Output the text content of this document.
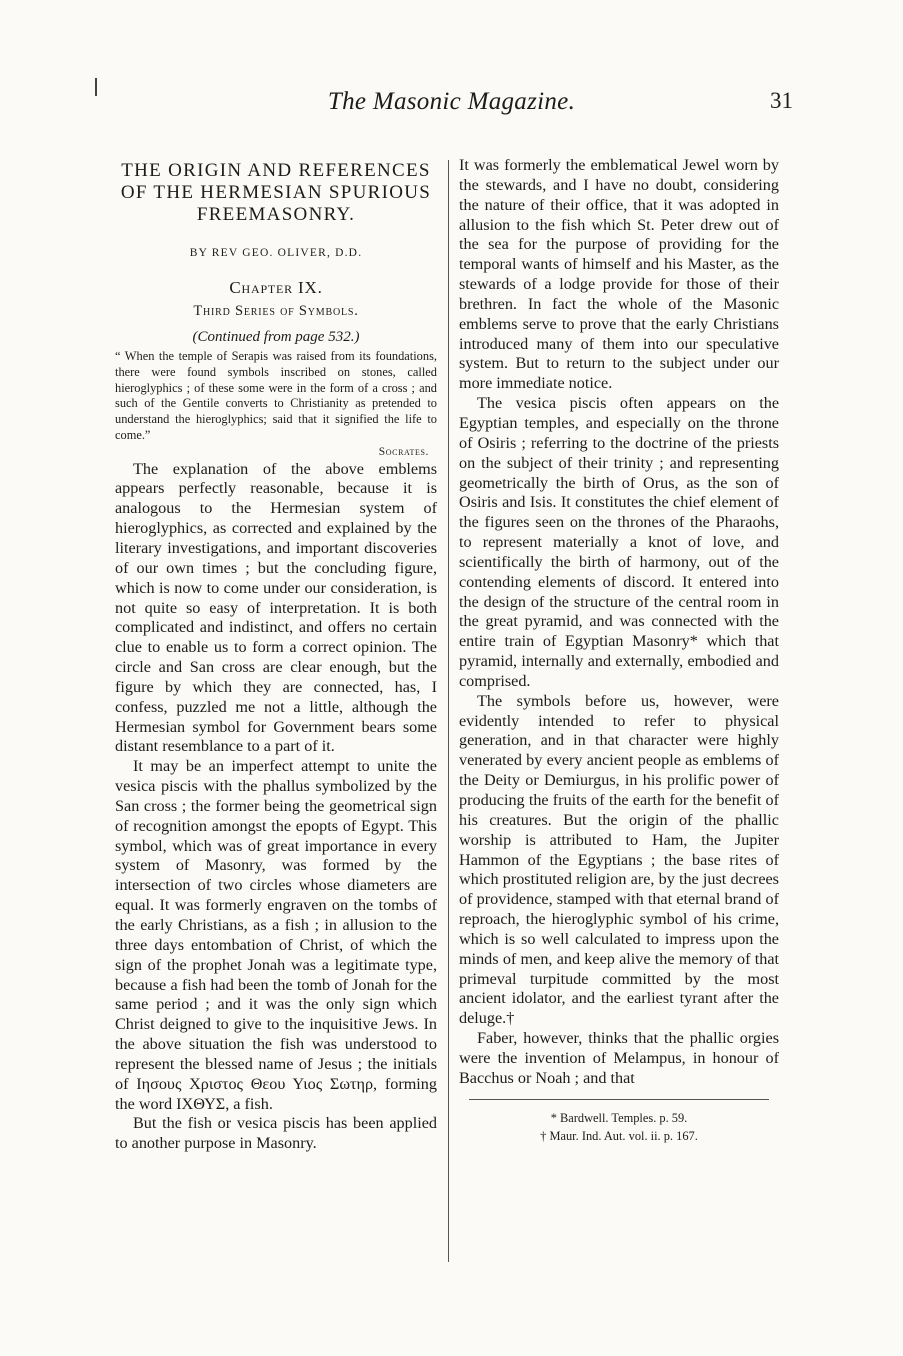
The Masonic Magazine.	31
THE ORIGIN AND REFERENCES OF THE HERMESIAN SPURIOUS FREEMASONRY.
BY REV GEO. OLIVER, D.D.
Chapter IX.
Third Series of Symbols.
(Continued from page 532.)

“ When the temple of Serapis was raised from its foundations, there were found symbols inscribed on stones, called hieroglyphics ; of these some were in the form of a cross ; and such of the Gentile converts to Christianity as pretended to understand the hieroglyphics; said that it signified the life to come.”

Socrates.

The explanation of the above emblems appears perfectly reasonable, because it is analogous to the Hermesian system of hieroglyphics, as corrected and explained by the literary investigations, and important discoveries of our own times ; but the concluding figure, which is now to come under our consideration, is not quite so easy of interpretation. It is both complicated and indistinct, and offers no certain clue to enable us to form a correct opinion. The circle and San cross are clear enough, but the figure by which they are connected, has, I confess, puzzled me not a little, although the Hermesian symbol for Government bears some distant resemblance to a part of it.

It may be an imperfect attempt to unite the vesica piscis with the phallus symbolized by the San cross ; the former being the geometrical sign of recognition amongst the epopts of Egypt. This symbol, which was of great importance in every system of Masonry, was formed by the intersection of two circles whose diameters are equal. It was formerly engraven on the tombs of the early Christians, as a fish ; in allusion to the three days entombation of Christ, of which the sign of the prophet Jonah was a legitimate type, because a fish had been the tomb of Jonah for the same period ; and it was the only sign which Christ deigned to give to the inquisitive Jews. In the above situation the fish was understood to represent the blessed name of Jesus ; the initials of Iησους Χριστος Θεου Υιος Σωτηρ, forming the word ΙΧΘΥΣ, a fish.

But the fish or vesica piscis has been applied to another purpose in Masonry.

It was formerly the emblematical Jewel worn by the stewards, and I have no doubt, considering the nature of their office, that it was adopted in allusion to the fish which St. Peter drew out of the sea for the purpose of providing for the temporal wants of himself and his Master, as the stewards of a lodge provide for those of their brethren. In fact the whole of the Masonic emblems serve to prove that the early Christians introduced many of them into our speculative system. But to return to the subject under our more immediate notice.

The vesica piscis often appears on the Egyptian temples, and especially on the throne of Osiris ; referring to the doctrine of the priests on the subject of their trinity ; and representing geometrically the birth of Orus, as the son of Osiris and Isis. It constitutes the chief element of the figures seen on the thrones of the Pharaohs, to represent materially a knot of love, and scientifically the birth of harmony, out of the contending elements of discord. It entered into the design of the structure of the central room in the great pyramid, and was connected with the entire train of Egyptian Masonry* which that pyramid, internally and externally, embodied and comprised.

The symbols before us, however, were evidently intended to refer to physical generation, and in that character were highly venerated by every ancient people as emblems of the Deity or Demiurgus, in his prolific power of producing the fruits of the earth for the benefit of his creatures. But the origin of the phallic worship is attributed to Ham, the Jupiter Hammon of the Egyptians ; the base rites of which prostituted religion are, by the just decrees of providence, stamped with that eternal brand of reproach, the hieroglyphic symbol of his crime, which is so well calculated to impress upon the minds of men, and keep alive the memory of that primeval turpitude committed by the most ancient idolator, and the earliest tyrant after the deluge.†

Faber, however, thinks that the phallic orgies were the invention of Melampus, in honour of Bacchus or Noah ; and that

* Bardwell. Temples. p. 59.

† Maur. Ind. Aut. vol. ii. p. 167.
